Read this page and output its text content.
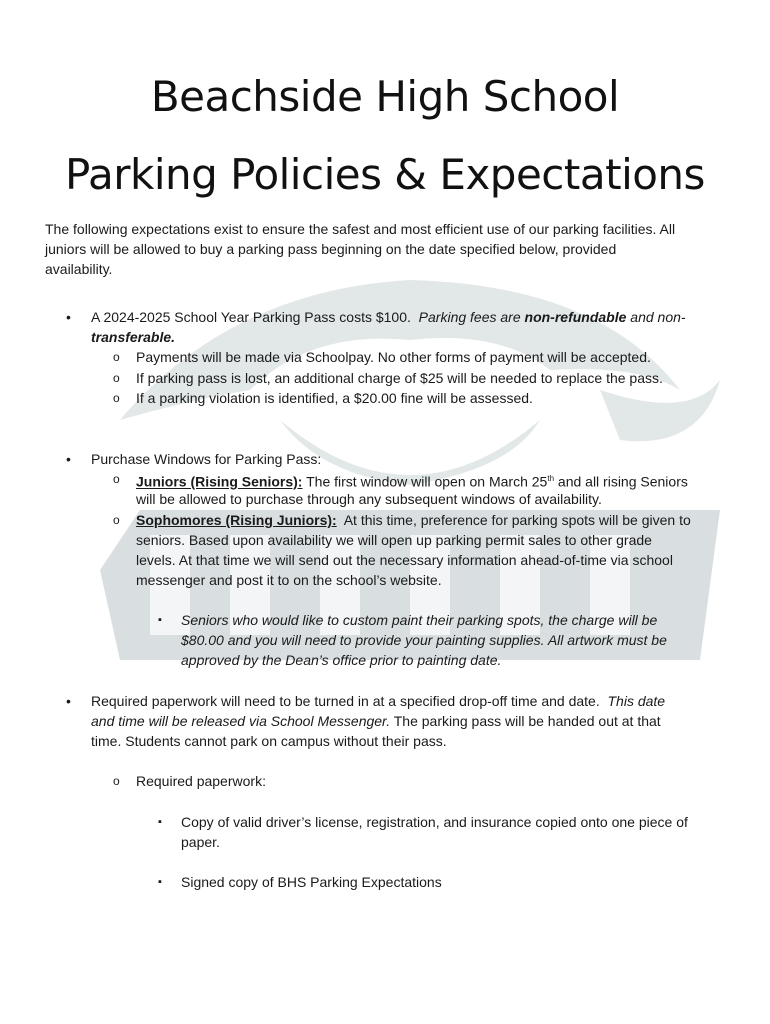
Beachside High School
Parking Policies & Expectations
The following expectations exist to ensure the safest and most efficient use of our parking facilities. All
juniors will be allowed to buy a parking pass beginning on the date specified below, provided
availability.
• A 2024-2025 School Year Parking Pass costs $100. Parking fees are non-refundable and non-
transferable.
o Payments will be made via Schoolpay. No other forms of payment will be accepted.
o If parking pass is lost, an additional charge of $25 will be needed to replace the pass.
o If a parking violation is identified, a $20.00 fine will be assessed.
• Purchase Windows for Parking Pass:
o Juniors (Rising Seniors): The first window will open on March 25th and all rising Seniors
will be allowed to purchase through any subsequent windows of availability.
o Sophomores (Rising Juniors): At this time, preference for parking spots will be given to
seniors. Based upon availability we will open up parking permit sales to other grade
levels. At that time we will send out the necessary information ahead-of-time via school
messenger and post it to on the school’s website.
▪ Seniors who would like to custom paint their parking spots, the charge will be
$80.00 and you will need to provide your painting supplies. All artwork must be
approved by the Dean’s office prior to painting date.
• Required paperwork will need to be turned in at a specified drop-off time and date. This date
and time will be released via School Messenger. The parking pass will be handed out at that
time. Students cannot park on campus without their pass.
o Required paperwork:
▪ Copy of valid driver’s license, registration, and insurance copied onto one piece of
paper.
▪ Signed copy of BHS Parking Expectations
